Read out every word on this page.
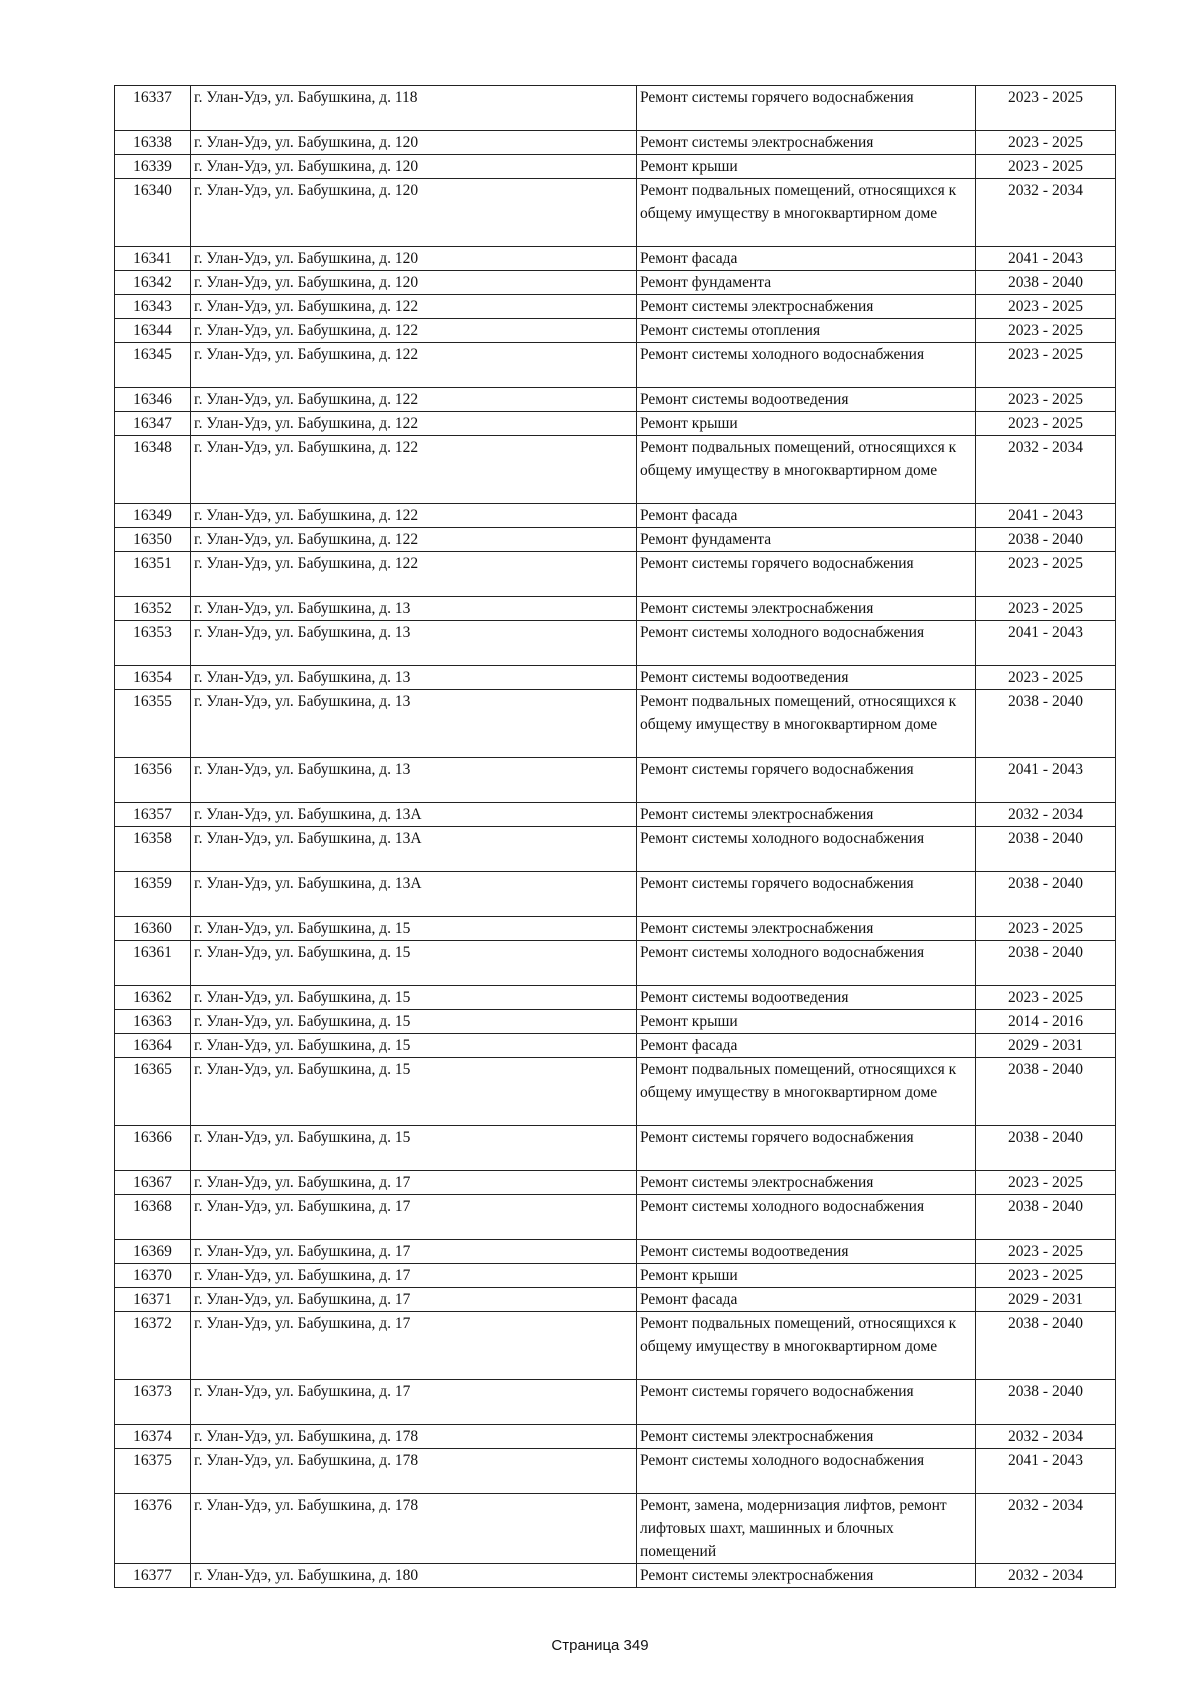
16337	г. Улан-Удэ, ул. Бабушкина, д. 118	Ремонт системы горячего водоснабжения	2023 - 2025
16338	г. Улан-Удэ, ул. Бабушкина, д. 120	Ремонт системы электроснабжения	2023 - 2025
16339	г. Улан-Удэ, ул. Бабушкина, д. 120	Ремонт крыши	2023 - 2025
16340	г. Улан-Удэ, ул. Бабушкина, д. 120	Ремонт подвальных помещений, относящихся к общему имуществу в многоквартирном доме	2032 - 2034
16341	г. Улан-Удэ, ул. Бабушкина, д. 120	Ремонт фасада	2041 - 2043
16342	г. Улан-Удэ, ул. Бабушкина, д. 120	Ремонт фундамента	2038 - 2040
16343	г. Улан-Удэ, ул. Бабушкина, д. 122	Ремонт системы электроснабжения	2023 - 2025
16344	г. Улан-Удэ, ул. Бабушкина, д. 122	Ремонт системы отопления	2023 - 2025
16345	г. Улан-Удэ, ул. Бабушкина, д. 122	Ремонт системы холодного водоснабжения	2023 - 2025
16346	г. Улан-Удэ, ул. Бабушкина, д. 122	Ремонт системы водоотведения	2023 - 2025
16347	г. Улан-Удэ, ул. Бабушкина, д. 122	Ремонт крыши	2023 - 2025
16348	г. Улан-Удэ, ул. Бабушкина, д. 122	Ремонт подвальных помещений, относящихся к общему имуществу в многоквартирном доме	2032 - 2034
16349	г. Улан-Удэ, ул. Бабушкина, д. 122	Ремонт фасада	2041 - 2043
16350	г. Улан-Удэ, ул. Бабушкина, д. 122	Ремонт фундамента	2038 - 2040
16351	г. Улан-Удэ, ул. Бабушкина, д. 122	Ремонт системы горячего водоснабжения	2023 - 2025
16352	г. Улан-Удэ, ул. Бабушкина, д. 13	Ремонт системы электроснабжения	2023 - 2025
16353	г. Улан-Удэ, ул. Бабушкина, д. 13	Ремонт системы холодного водоснабжения	2041 - 2043
16354	г. Улан-Удэ, ул. Бабушкина, д. 13	Ремонт системы водоотведения	2023 - 2025
16355	г. Улан-Удэ, ул. Бабушкина, д. 13	Ремонт подвальных помещений, относящихся к общему имуществу в многоквартирном доме	2038 - 2040
16356	г. Улан-Удэ, ул. Бабушкина, д. 13	Ремонт системы горячего водоснабжения	2041 - 2043
16357	г. Улан-Удэ, ул. Бабушкина, д. 13А	Ремонт системы электроснабжения	2032 - 2034
16358	г. Улан-Удэ, ул. Бабушкина, д. 13А	Ремонт системы холодного водоснабжения	2038 - 2040
16359	г. Улан-Удэ, ул. Бабушкина, д. 13А	Ремонт системы горячего водоснабжения	2038 - 2040
16360	г. Улан-Удэ, ул. Бабушкина, д. 15	Ремонт системы электроснабжения	2023 - 2025
16361	г. Улан-Удэ, ул. Бабушкина, д. 15	Ремонт системы холодного водоснабжения	2038 - 2040
16362	г. Улан-Удэ, ул. Бабушкина, д. 15	Ремонт системы водоотведения	2023 - 2025
16363	г. Улан-Удэ, ул. Бабушкина, д. 15	Ремонт крыши	2014 - 2016
16364	г. Улан-Удэ, ул. Бабушкина, д. 15	Ремонт фасада	2029 - 2031
16365	г. Улан-Удэ, ул. Бабушкина, д. 15	Ремонт подвальных помещений, относящихся к общему имуществу в многоквартирном доме	2038 - 2040
16366	г. Улан-Удэ, ул. Бабушкина, д. 15	Ремонт системы горячего водоснабжения	2038 - 2040
16367	г. Улан-Удэ, ул. Бабушкина, д. 17	Ремонт системы электроснабжения	2023 - 2025
16368	г. Улан-Удэ, ул. Бабушкина, д. 17	Ремонт системы холодного водоснабжения	2038 - 2040
16369	г. Улан-Удэ, ул. Бабушкина, д. 17	Ремонт системы водоотведения	2023 - 2025
16370	г. Улан-Удэ, ул. Бабушкина, д. 17	Ремонт крыши	2023 - 2025
16371	г. Улан-Удэ, ул. Бабушкина, д. 17	Ремонт фасада	2029 - 2031
16372	г. Улан-Удэ, ул. Бабушкина, д. 17	Ремонт подвальных помещений, относящихся к общему имуществу в многоквартирном доме	2038 - 2040
16373	г. Улан-Удэ, ул. Бабушкина, д. 17	Ремонт системы горячего водоснабжения	2038 - 2040
16374	г. Улан-Удэ, ул. Бабушкина, д. 178	Ремонт системы электроснабжения	2032 - 2034
16375	г. Улан-Удэ, ул. Бабушкина, д. 178	Ремонт системы холодного водоснабжения	2041 - 2043
16376	г. Улан-Удэ, ул. Бабушкина, д. 178	Ремонт, замена, модернизация лифтов, ремонт лифтовых шахт, машинных и блочных помещений	2032 - 2034
16377	г. Улан-Удэ, ул. Бабушкина, д. 180	Ремонт системы электроснабжения	2032 - 2034
Страница 349
